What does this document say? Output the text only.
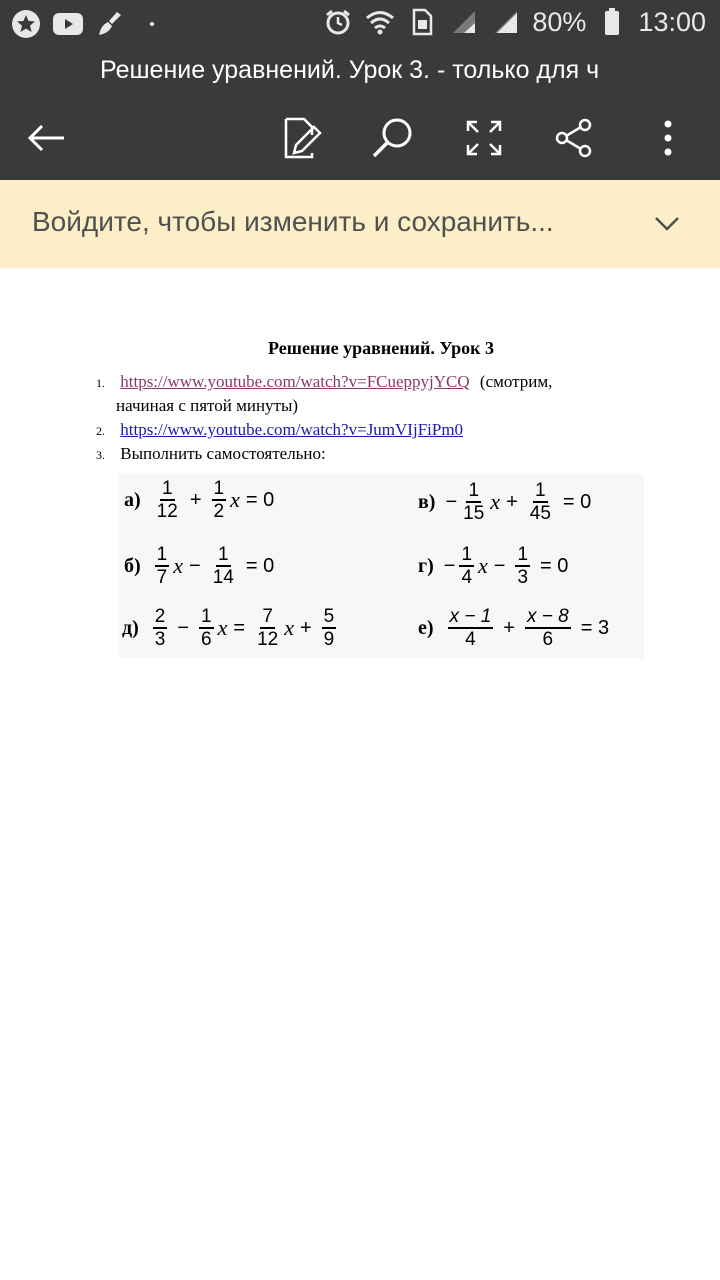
80% 13:00
Решение уравнений. Урок 3. - только для ч
Войдите, чтобы изменить и сохранить...
Решение уравнений. Урок 3
1. https://www.youtube.com/watch?v=FCueppyjYCQ (смотрим,
начиная с пятой минуты)
2. https://www.youtube.com/watch?v=JumVIjFiPm0
3. Выполнить самостоятельно:
$а) \frac{1}{12} + \frac{1}{2}$ x = 0
$б) \frac{1}{7}$ $x - \frac{1}{14} = 0$
$д) \frac{2}{3} - \frac{1}{6}$ $x = \frac{7}{12}$ $x + \frac{5}{9}$
$в) - \frac{1}{15}$ $x + \frac{1}{45} = 0$
$г) - \frac{1}{4}$ $x - \frac{1}{3} = 0$
$е) \frac{x - 1}{4} + \frac{x - 8}{6} = 3$
